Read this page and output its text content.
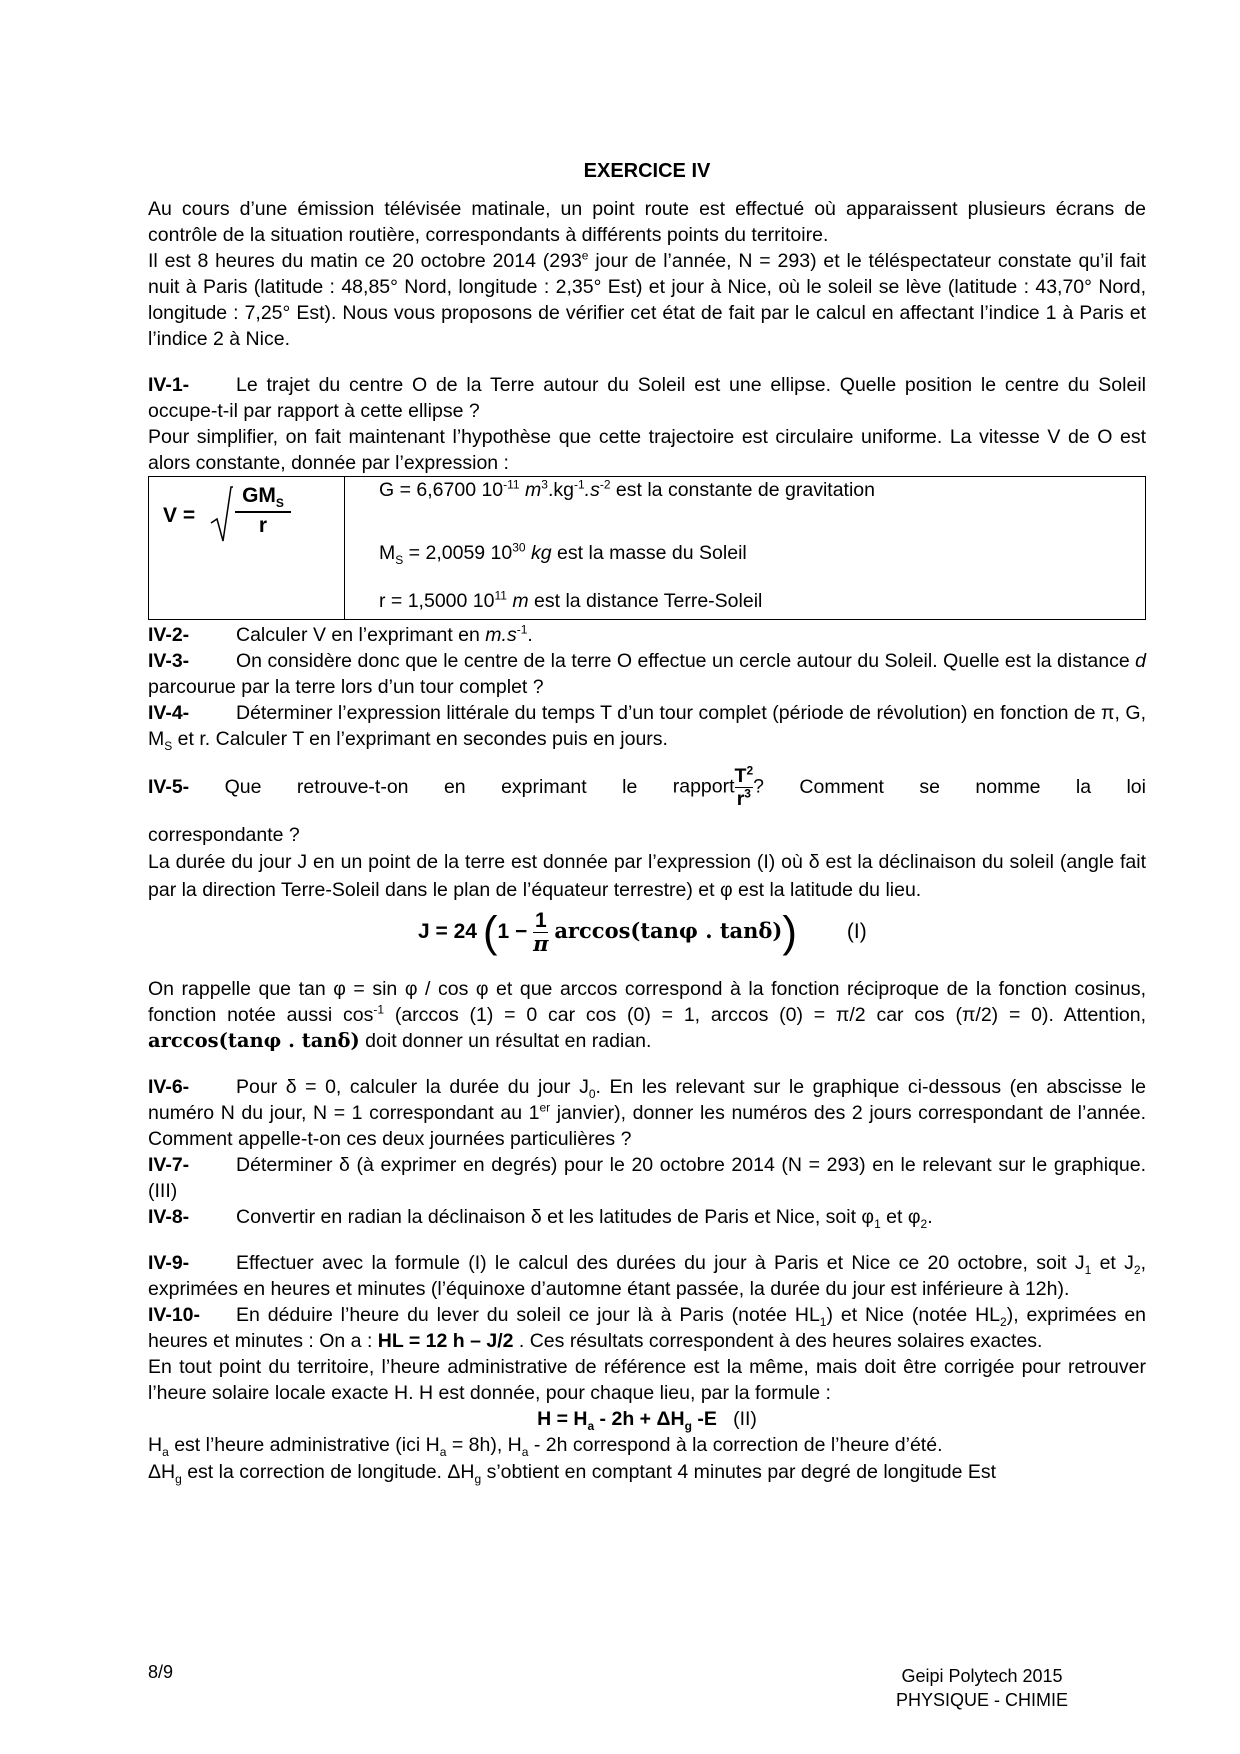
EXERCICE IV

Au cours d’une émission télévisée matinale, un point route est effectué où apparaissent plusieurs écrans de contrôle de la situation routière, correspondants à différents points du territoire.
Il est 8 heures du matin ce 20 octobre 2014 (293e jour de l’année, N = 293) et le téléspectateur constate qu’il fait nuit à Paris (latitude : 48,85° Nord, longitude : 2,35° Est) et jour à Nice, où le soleil se lève (latitude : 43,70° Nord, longitude : 7,25° Est). Nous vous proposons de vérifier cet état de fait par le calcul en affectant l’indice 1 à Paris et l’indice 2 à Nice.

IV-1- Le trajet du centre O de la Terre autour du Soleil est une ellipse. Quelle position le centre du Soleil occupe-t-il par rapport à cette ellipse ?
Pour simplifier, on fait maintenant l’hypothèse que cette trajectoire est circulaire uniforme. La vitesse V de O est alors constante, donnée par l’expression :

V =
$GM_S$
r
G = 6,6700 $10^{-11}$ $m^3.kg^{-1}.s^{-2}$ est la constante de gravitation
$M_S = 2,0059$ $10^{30}$ kg est la masse du Soleil
r = 1,5000 $10^{11}$ m est la distance Terre-Soleil

IV-2- Calculer V en l’exprimant en $m.s^{-1}$.

IV-3- On considère donc que le centre de la terre O effectue un cercle autour du Soleil. Quelle est la distance d parcourue par la terre lors d’un tour complet ?

IV-4- Déterminer l’expression littérale du temps T d’un tour complet (période de révolution) en fonction de π, G, $M_S$ et r. Calculer T en l’exprimant en secondes puis en jours.

IV-5- Que retrouve-t-on en exprimant le rapport $\frac{T^2}{r^3}$ ? Comment se nomme la loi

correspondante ?

La durée du jour J en un point de la terre est donnée par l’expression (I) où δ est la déclinaison du soleil (angle fait par la direction Terre-Soleil dans le plan de l’équateur terrestre) et φ est la latitude du lieu.

J = 24 ($1 - \frac{1}{\pi} \arccos(\tan\varphi$ . tanδ)) (I)

On rappelle que tan φ = sin φ / cos φ et que arccos correspond à la fonction réciproque de la fonction cosinus, fonction notée aussi $\cos^{-1} (\arccos$ (1) = 0 car cos (0) = 1, arccos (0) = π/2 car cos (π/2) = 0). Attention, arccos(tanφ . tanδ) doit donner un résultat en radian.

IV-6- Pour δ = 0, calculer la durée du jour $J_0$. En les relevant sur le graphique ci-dessous (en abscisse le numéro N du jour, N = 1 correspondant au 1er janvier), donner les numéros des 2 jours correspondant de l’année. Comment appelle-t-on ces deux journées particulières ?

IV-7- Déterminer δ (à exprimer en degrés) pour le 20 octobre 2014 (N = 293) en le relevant sur le graphique. (III)

IV-8- Convertir en radian la déclinaison δ et les latitudes de Paris et Nice, soit $\varphi_1$ et $\varphi_2$.

IV-9- Effectuer avec la formule (I) le calcul des durées du jour à Paris et Nice ce 20 octobre, soit $J_1$ et $J_2$, exprimées en heures et minutes (l’équinoxe d’automne étant passée, la durée du jour est inférieure à 12h).

IV-10- En déduire l’heure du lever du soleil ce jour là à Paris (notée $HL_1$) et Nice (notée $HL_2$), exprimées en heures et minutes : On a : HL = 12 h – J/2 . Ces résultats correspondent à des heures solaires exactes.

En tout point du territoire, l’heure administrative de référence est la même, mais doit être corrigée pour retrouver l’heure solaire locale exacte H. H est donnée, pour chaque lieu, par la formule :

$H = H_a - 2h + \Delta H_g$ -E (II)

$H_a$ est l’heure administrative (ici $H_a = 8h$), $H_a - 2h$ correspond à la correction de l’heure d’été.

$\Delta H_g$ est la correction de longitude. $\Delta H_g$ s’obtient en comptant 4 minutes par degré de longitude Est

8/9	Geipi Polytech 2015
PHYSIQUE - CHIMIE
